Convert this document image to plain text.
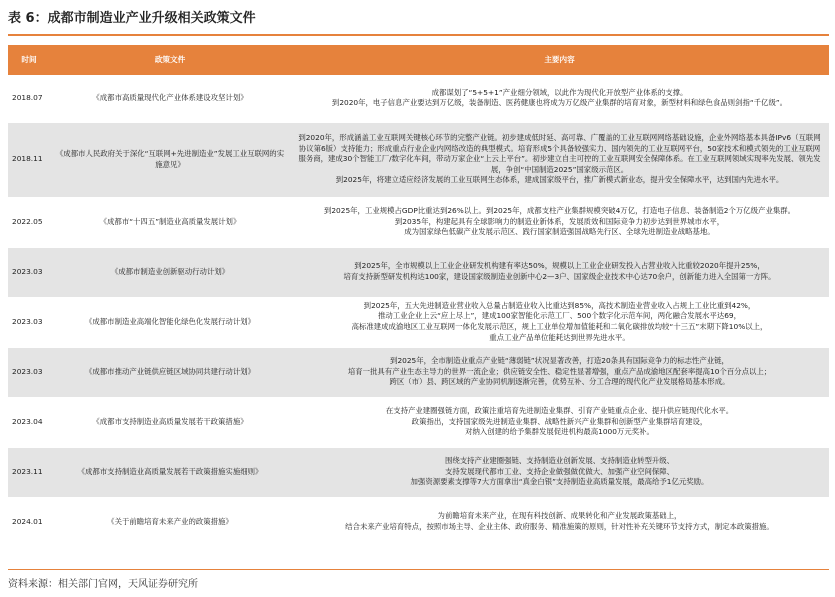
表 6：成都市制造业产业升级相关政策文件
时间	政策文件	主要内容
2018.07	《成都市高质量现代化产业体系建设攻坚计划》	成都谋划了“5+5+1”产业细分领域，以此作为现代化开放型产业体系的支撑。
到2020年，电子信息产业要达到万亿级，装备制造、医药健康也将成为万亿级产业集群的培育对象，新型材料和绿色食品则剑指“千亿级”。

2018.11	《成都市人民政府关于深化“互联网+先进制造业”发展工业互联网的实施意见》	到2020年，形成涵盖工业互联网关键核心环节的完整产业链。初步建成低时延、高可靠、广覆盖的工业互联网网络基础设施，企业外网络基本具备IPv6（互联网协议第6版）支持能力；形成重点行业企业内网络改造的典型模式。培育形成5个具备较强实力、国内领先的工业互联网平台，50家技术和模式领先的工业互联网服务商，建成30个智能工厂/数字化车间，带动万家企业“上云上平台”。初步建立自主可控的工业互联网安全保障体系。在工业互联网领域实现率先发展、领先发展，争创“中国制造2025”国家级示范区。
到2025年，将建立适应经济发展的工业互联网生态体系，建成国家级平台，推广新模式新业态，提升安全保障水平，达到国内先进水平。

2022.05	《成都市“十四五”制造业高质量发展计划》	到2025年，工业规模占GDP比重达到26%以上。到2025年，成都支柱产业集群规模突破4万亿，打造电子信息、装备制造2个万亿级产业集群。
到2035年，构建起具有全球影响力的制造业新体系，发展质效和国际竞争力初步达到世界城市水平，
成为国家绿色低碳产业发展示范区、践行国家制造强国战略先行区、全球先进制造业战略基地。

2023.03	《成都市制造业创新驱动行动计划》	到2025年，全市规模以上工业企业研发机构建有率达50%，规模以上工业企业研发投入占营业收入比重较2020年提升25%，
培育支持新型研发机构达100家，建设国家级制造业创新中心2—3户、国家级企业技术中心达70余户，创新能力进入全国第一方阵。

2023.03	《成都市制造业高端化智能化绿色化发展行动计划》	到2025年，五大先进制造业营业收入总量占制造业收入比重达到85%，高技术制造业营业收入占规上工业比重到42%，
推动工业企业上云“应上尽上”，建成100家智能化示范工厂、500个数字化示范车间，两化融合发展水平达69，
高标准建成成渝地区工业互联网一体化发展示范区，规上工业单位增加值能耗和二氧化碳排放均较“十三五”末期下降10%以上，
重点工业产品单位能耗达到世界先进水平。

2023.03	《成都市推动产业链供应链区域协同共建行动计划》	到2025年，全市制造业重点产业链“薄弱链”状况显著改善，打造20条具有国际竞争力的标志性产业链，
培育一批具有产业生态主导力的世界一流企业；供应链安全性、稳定性显著增强，重点产品成渝地区配套率提高10个百分点以上；
跨区（市）县、跨区域的产业协同机制逐渐完善，优势互补、分工合理的现代化产业发展格局基本形成。

2023.04	《成都市支持制造业高质量发展若干政策措施》	在支持产业建圈强链方面，政策注重培育先进制造业集群、引育产业链重点企业、提升供应链现代化水平。
政策指出，支持国家级先进制造业集群、战略性新兴产业集群和创新型产业集群培育建设，
对纳入创建的给予集群发展促进机构最高1000万元奖补。

2023.11	《成都市支持制造业高质量发展若干政策措施实施细则》	围绕支持产业建圈强链、支持制造业创新发展、支持制造业转型升级、
支持发展现代都市工业、支持企业做强做优做大、加强产业空间保障、
加强资源要素支撑等7大方面拿出“真金白银”支持制造业高质量发展，最高给予1亿元奖励。

2024.01	《关于前瞻培育未来产业的政策措施》	为前瞻培育未来产业，在现有科技创新、成果转化和产业发展政策基础上，
结合未来产业培育特点，按照市场主导、企业主体、政府服务、精准施策的原则，针对性补充关键环节支持方式，制定本政策措施。
资料来源：相关部门官网，天风证券研究所
